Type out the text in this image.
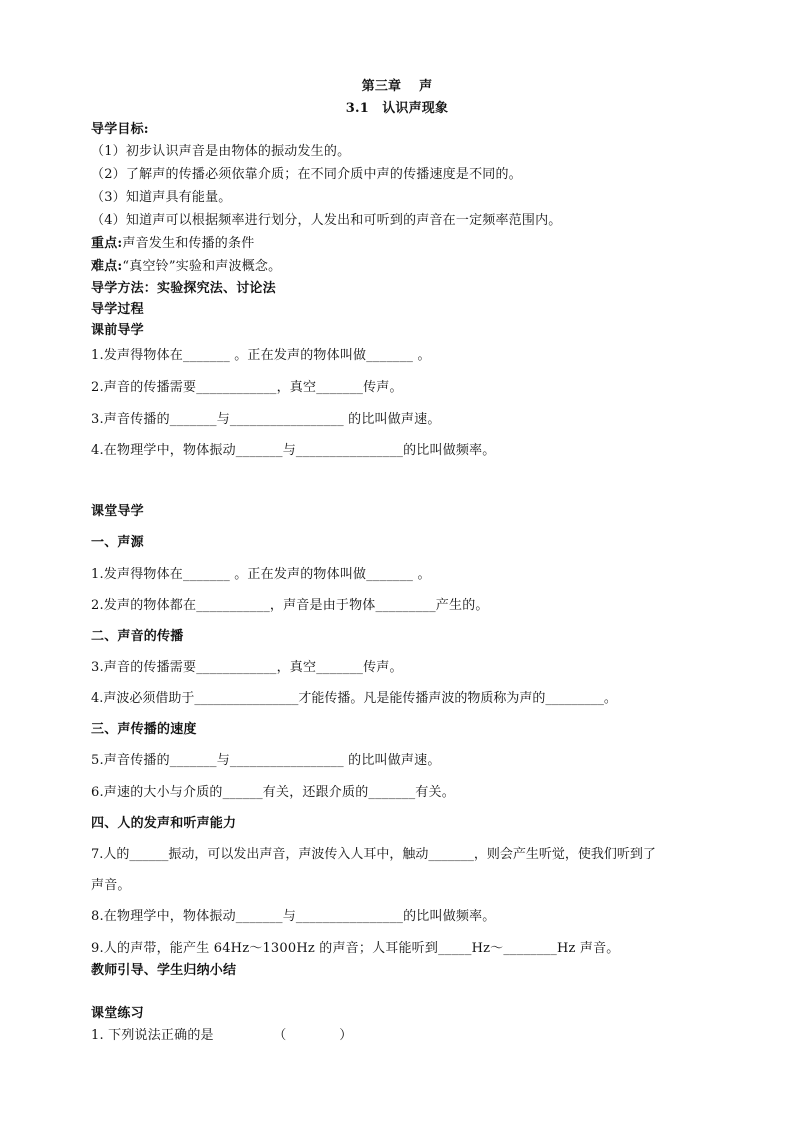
第三章　 声
3.1　认识声现象
导学目标:
（1）初步认识声音是由物体的振动发生的。
（2）了解声的传播必须依靠介质；在不同介质中声的传播速度是不同的。
（3）知道声具有能量。
（4）知道声可以根据频率进行划分，人发出和可听到的声音在一定频率范围内。
重点:声音发生和传播的条件
难点:“真空铃”实验和声波概念。
导学方法：实验探究法、讨论法
导学过程
课前导学
1.发声得物体在_______ 。正在发声的物体叫做_______ 。
2.声音的传播需要____________，真空_______传声。
3.声音传播的_______与_________________ 的比叫做声速。
4.在物理学中，物体振动_______与________________的比叫做频率。
课堂导学
一、声源
1.发声得物体在_______ 。正在发声的物体叫做_______ 。
2.发声的物体都在___________，声音是由于物体_________产生的。
二、声音的传播
3.声音的传播需要____________，真空_______传声。
4.声波必须借助于________________才能传播。凡是能传播声波的物质称为声的_________。
三、声传播的速度
5.声音传播的_______与_________________ 的比叫做声速。
6.声速的大小与介质的______有关，还跟介质的_______有关。
四、人的发声和听声能力
7.人的______振动，可以发出声音，声波传入人耳中，触动_______，则会产生听觉，使我们听到了
声音。
8.在物理学中，物体振动_______与________________的比叫做频率。
9.人的声带，能产生 64Hz～1300Hz 的声音；人耳能听到_____Hz～________Hz 声音。
教师引导、学生归纳小结
课堂练习
1. 下列说法正确的是　　　　　（　　　　）
